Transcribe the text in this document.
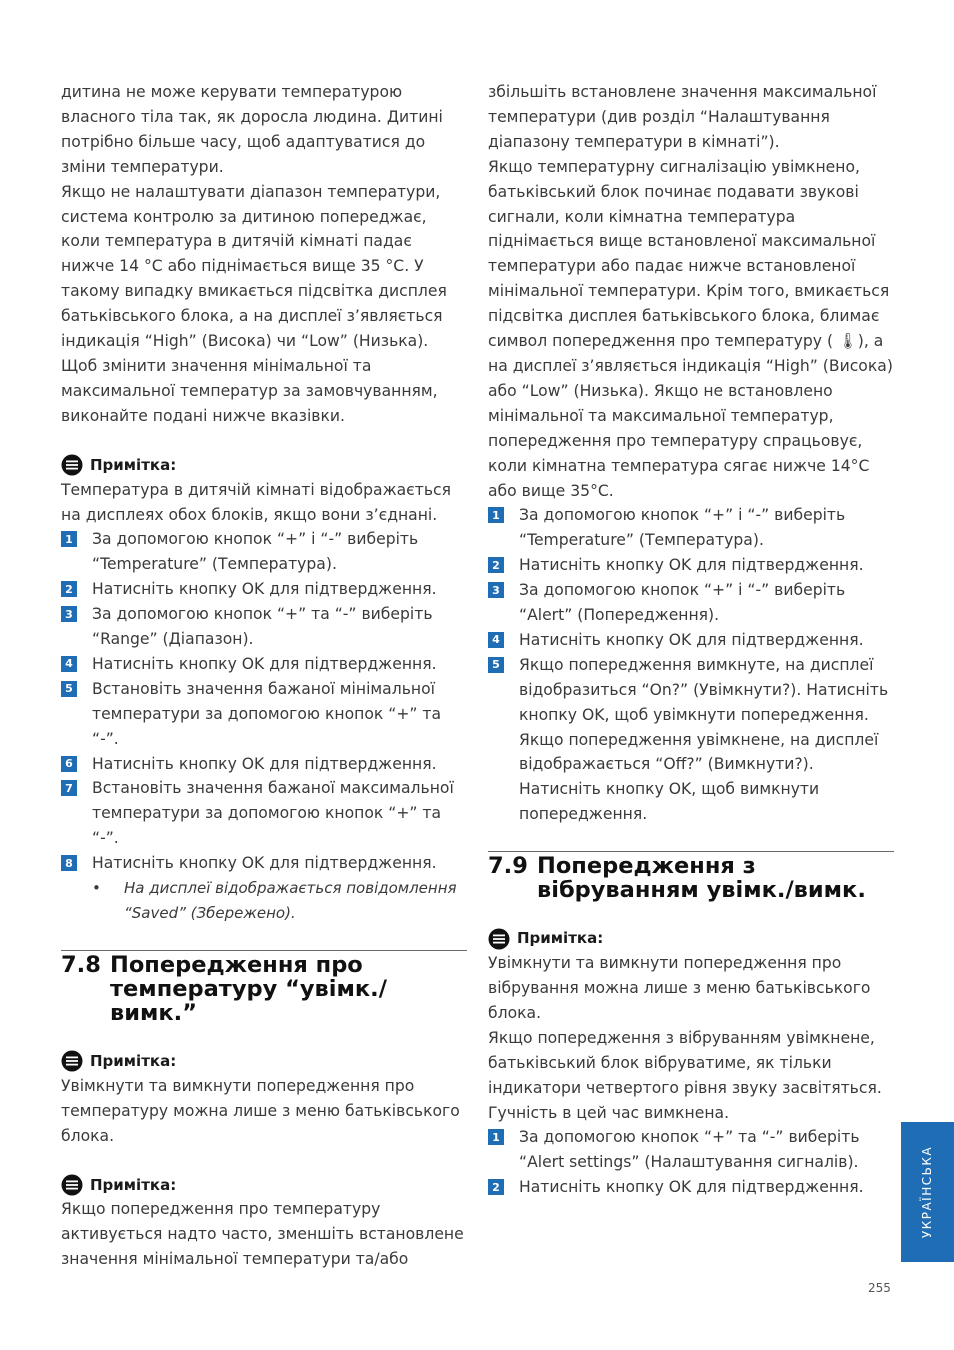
дитина не може керувати температурою власного тіла так, як доросла людина. Дитині потрібно більше часу, щоб адаптуватися до зміни температури.

Якщо не налаштувати діапазон температури, система контролю за дитиною попереджає, коли температура в дитячій кімнаті падає нижче 14 °C або піднімається вище 35 °C. У такому випадку вмикається підсвітка дисплея батьківського блока, а на дисплеї з’являється індикація “High” (Висока) чи “Low” (Низька).

Щоб змінити значення мінімальної та максимальної температур за замовчуванням, виконайте подані нижче вказівки.

Примітка:

Температура в дитячій кімнаті відображається на дисплеях обох блоків, якщо вони з’єднані.

1 За допомогою кнопок “+” і “-” виберіть “Temperature” (Температура).
2 Натисніть кнопку OK для підтвердження.
3 За допомогою кнопок “+” та “-” виберіть “Range” (Діапазон).
4 Натисніть кнопку OK для підтвердження.
5 Встановіть значення бажаної мінімальної температури за допомогою кнопок “+” та “-”.
6 Натисніть кнопку OK для підтвердження.
7 Встановіть значення бажаної максимальної температури за допомогою кнопок “+” та “-”.
8 Натисніть кнопку OK для підтвердження.
•	На дисплеї відображається повідомлення “Saved” (Збережено).
7.8 Попередження про температуру “увімк./вимк.”
Примітка:

Увімкнути та вимкнути попередження про температуру можна лише з меню батьківського блока.

Примітка:

Якщо попередження про температуру активується надто часто, зменшіть встановлене значення мінімальної температури та/або

збільшіть встановлене значення максимальної температури (див розділ “Налаштування діапазону температури в кімнаті”).

Якщо температурну сигналізацію увімкнено, батьківський блок починає подавати звукові сигнали, коли кімнатна температура піднімається вище встановленої максимальної температури або падає нижче встановленої мінімальної температури. Крім того, вмикається підсвітка дисплея батьківського блока, блимає символ попередження про температуру ( 🌡), а на дисплеї з’являється індикація “High” (Висока) або “Low” (Низька). Якщо не встановлено мінімальної та максимальної температур, попередження про температуру спрацьовує, коли кімнатна температура сягає нижче 14°C або вище 35°C.

1 За допомогою кнопок “+” і “-” виберіть “Temperature” (Температура).
2 Натисніть кнопку OK для підтвердження.
3 За допомогою кнопок “+” і “-” виберіть “Alert” (Попередження).
4 Натисніть кнопку OK для підтвердження.
5 Якщо попередження вимкнуте, на дисплеї відобразиться “On?” (Увімкнути?). Натисніть кнопку OK, щоб увімкнути попередження. Якщо попередження увімкнене, на дисплеї відображається “Off?” (Вимкнути?). Натисніть кнопку OK, щоб вимкнути попередження.
7.9 Попередження з вібруванням увімк./вимк.
Примітка:

Увімкнути та вимкнути попередження про вібрування можна лише з меню батьківського блока.

Якщо попередження з вібруванням увімкнене, батьківський блок вібруватиме, як тільки індикатори четвертого рівня звуку засвітяться. Гучність в цей час вимкнена.

1 За допомогою кнопок “+” та “-” виберіть “Alert settings” (Налаштування сигналів).
2 Натисніть кнопку OK для підтвердження.	УКРАЇНСЬКА
255
